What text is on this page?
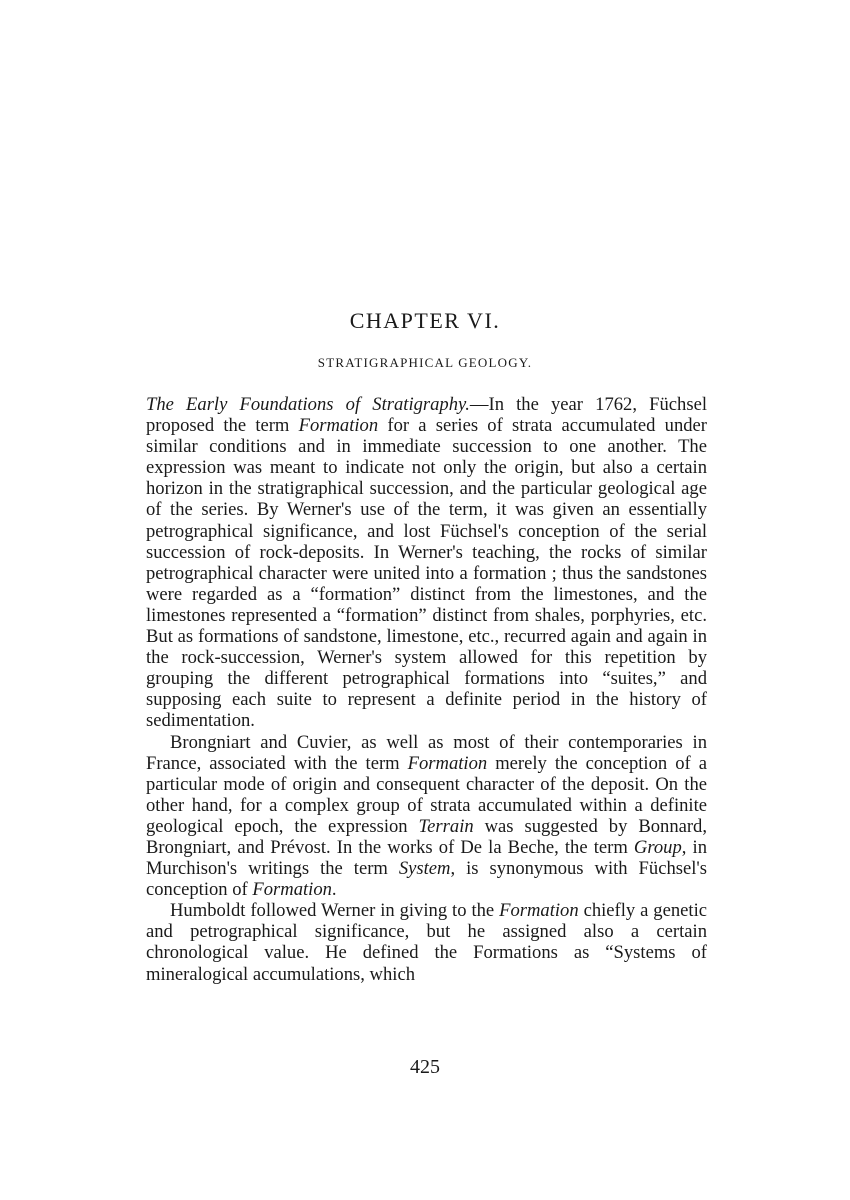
CHAPTER VI.
STRATIGRAPHICAL GEOLOGY.

The Early Foundations of Stratigraphy.—In the year 1762, Füchsel proposed the term Formation for a series of strata accumulated under similar conditions and in immediate succession to one another. The expression was meant to indicate not only the origin, but also a certain horizon in the stratigraphical succession, and the particular geological age of the series. By Werner's use of the term, it was given an essentially petrographical significance, and lost Füchsel's conception of the serial succession of rock-deposits. In Werner's teaching, the rocks of similar petrographical character were united into a formation ; thus the sandstones were regarded as a “formation” distinct from the limestones, and the limestones represented a “formation” distinct from shales, porphyries, etc. But as formations of sandstone, limestone, etc., recurred again and again in the rock-succession, Werner's system allowed for this repetition by grouping the different petrographical formations into “suites,” and supposing each suite to represent a definite period in the history of sedimentation.

Brongniart and Cuvier, as well as most of their contemporaries in France, associated with the term Formation merely the conception of a particular mode of origin and consequent character of the deposit. On the other hand, for a complex group of strata accumulated within a definite geological epoch, the expression Terrain was suggested by Bonnard, Brongniart, and Prévost. In the works of De la Beche, the term Group, in Murchison's writings the term System, is synonymous with Füchsel's conception of Formation.

Humboldt followed Werner in giving to the Formation chiefly a genetic and petrographical significance, but he assigned also a certain chronological value. He defined the Formations as “Systems of mineralogical accumulations, which

425
